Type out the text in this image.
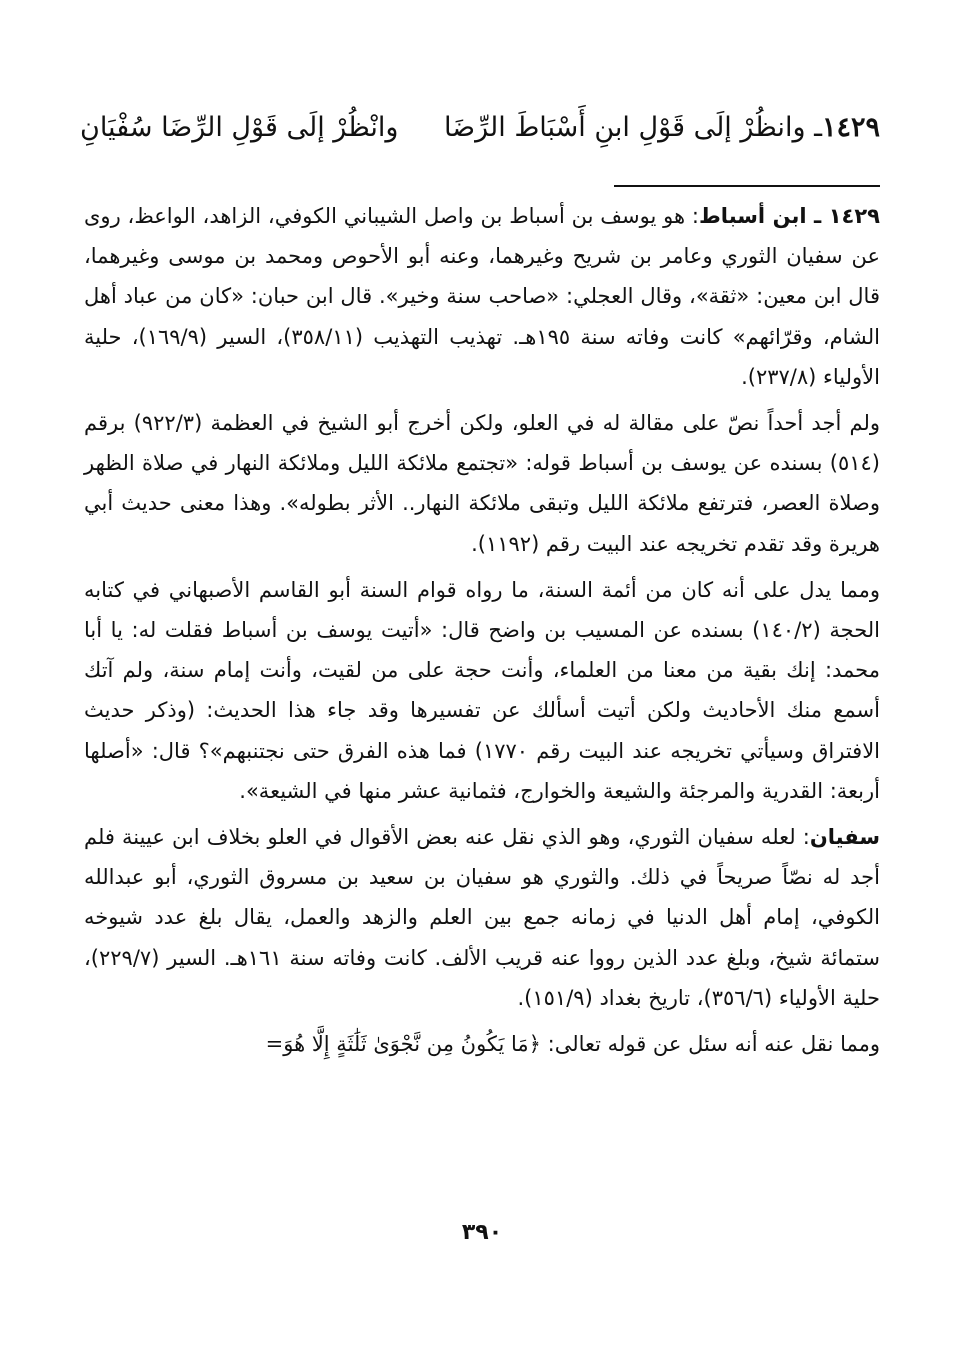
١٤٢٩ـ وانظُرْ إلَى قَوْلِ ابنِ أَسْبَاطَ الرِّضَا
وانْظُرْ إلَى قَوْلِ الرِّضَا سُفْيَانِ

١٤٢٩ ـ ابن أسباط: هو يوسف بن أسباط بن واصل الشيباني الكوفي، الزاهد، الواعظ، روى عن سفيان الثوري وعامر بن شريح وغيرهما، وعنه أبو الأحوص ومحمد بن موسى وغيرهما، قال ابن معين: «ثقة»، وقال العجلي: «صاحب سنة وخير». قال ابن حبان: «كان من عباد أهل الشام، وقرّائهم» كانت وفاته سنة ١٩٥هـ. تهذيب التهذيب (٣٥٨/١١)، السير (١٦٩/٩)، حلية الأولياء (٢٣٧/٨).

ولم أجد أحداً نصّ على مقالة له في العلو، ولكن أخرج أبو الشيخ في العظمة (٩٢٢/٣) برقم (٥١٤) بسنده عن يوسف بن أسباط قوله: «تجتمع ملائكة الليل وملائكة النهار في صلاة الظهر وصلاة العصر، فترتفع ملائكة الليل وتبقى ملائكة النهار.. الأثر بطوله». وهذا معنى حديث أبي هريرة وقد تقدم تخريجه عند البيت رقم (١١٩٢).

ومما يدل على أنه كان من أئمة السنة، ما رواه قوام السنة أبو القاسم الأصبهاني في كتابه الحجة (١٤٠/٢) بسنده عن المسيب بن واضح قال: «أتيت يوسف بن أسباط فقلت له: يا أبا محمد: إنك بقية من معنا من العلماء، وأنت حجة على من لقيت، وأنت إمام سنة، ولم آتك أسمع منك الأحاديث ولكن أتيت أسألك عن تفسيرها وقد جاء هذا الحديث: (وذكر حديث الافتراق وسيأتي تخريجه عند البيت رقم ١٧٧٠) فما هذه الفرق حتى نجتنبهم»؟ قال: «أصلها أربعة: القدرية والمرجئة والشيعة والخوارج، فثمانية عشر منها في الشيعة».

سفيان: لعله سفيان الثوري، وهو الذي نقل عنه بعض الأقوال في العلو بخلاف ابن عيينة فلم أجد له نصّاً صريحاً في ذلك. والثوري هو سفيان بن سعيد بن مسروق الثوري، أبو عبدالله الكوفي، إمام أهل الدنيا في زمانه جمع بين العلم والزهد والعمل، يقال بلغ عدد شيوخه ستمائة شيخ، وبلغ عدد الذين رووا عنه قريب الألف. كانت وفاته سنة ١٦١هـ. السير (٢٢٩/٧)، حلية الأولياء (٣٥٦/٦)، تاريخ بغداد (١٥١/٩).

ومما نقل عنه أنه سئل عن قوله تعالى: ﴿مَا يَكُونُ مِن نَّجْوَىٰ ثَلَٰثَةٍ إِلَّا هُوَ=

٣٩٠
